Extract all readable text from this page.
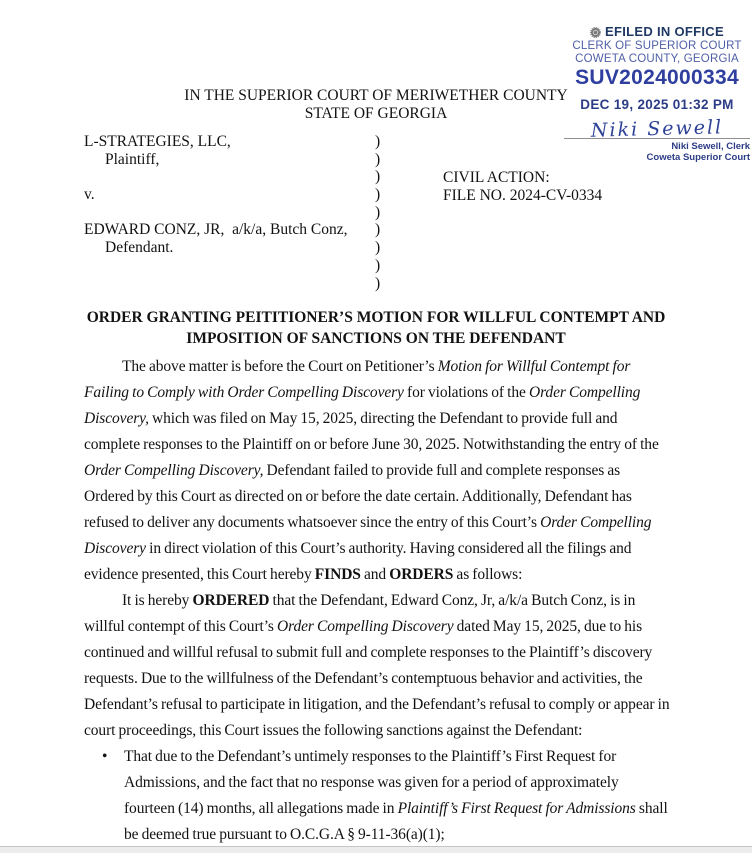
EFILED IN OFFICE
CLERK OF SUPERIOR COURT
COWETA COUNTY, GEORGIA
SUV2024000334
DEC 19, 2025 01:32 PM
Niki Sewell
Niki Sewell, Clerk
Coweta Superior Court
IN THE SUPERIOR COURT OF MERIWETHER COUNTY
STATE OF GEORGIA
L-STRATEGIES, LLC,
Plaintiff,

v.

EDWARD CONZ, JR,  a/k/a, Butch Conz,
Defendant.

)
)
)
)
)
)
)
)
)
CIVIL ACTION:
FILE NO. 2024-CV-0334
ORDER GRANTING PEITITIONER’S MOTION FOR WILLFUL CONTEMPT AND
IMPOSITION OF SANCTIONS ON THE DEFENDANT

The above matter is before the Court on Petitioner’s Motion for Willful Contempt for Failing to Comply with Order Compelling Discovery for violations of the Order Compelling Discovery, which was filed on May 15, 2025, directing the Defendant to provide full and complete responses to the Plaintiff on or before June 30, 2025. Notwithstanding the entry of the Order Compelling Discovery, Defendant failed to provide full and complete responses as Ordered by this Court as directed on or before the date certain. Additionally, Defendant has refused to deliver any documents whatsoever since the entry of this Court’s Order Compelling Discovery in direct violation of this Court’s authority. Having considered all the filings and evidence presented, this Court hereby FINDS and ORDERS as follows:

It is hereby ORDERED that the Defendant, Edward Conz, Jr, a/k/a Butch Conz, is in willful contempt of this Court’s Order Compelling Discovery dated May 15, 2025, due to his continued and willful refusal to submit full and complete responses to the Plaintiff’s discovery requests. Due to the willfulness of the Defendant’s contemptuous behavior and activities, the Defendant’s refusal to participate in litigation, and the Defendant’s refusal to comply or appear in court proceedings, this Court issues the following sanctions against the Defendant:

•	That due to the Defendant’s untimely responses to the Plaintiff’s First Request for Admissions, and the fact that no response was given for a period of approximately fourteen (14) months, all allegations made in Plaintiff’s First Request for Admissions shall be deemed true pursuant to O.C.G.A § 9-11-36(a)(1);
